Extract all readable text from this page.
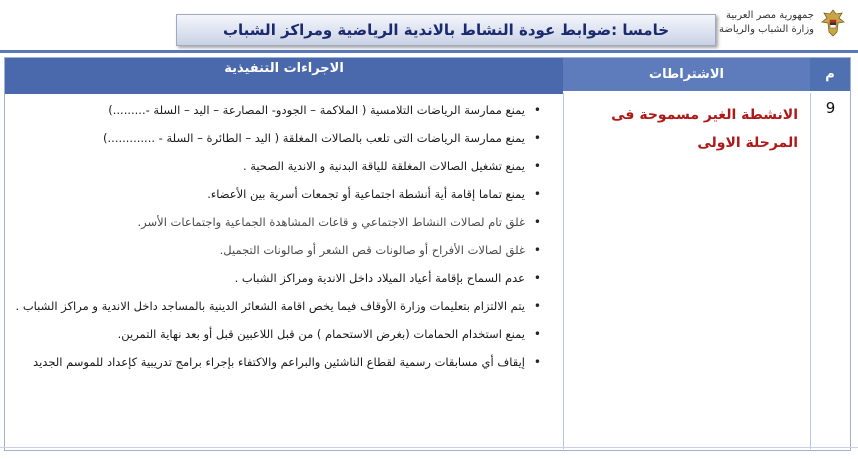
خامسا :ضوابط عودة النشاط بالاندية الرياضية ومراكز الشباب
جمهورية مصر العربية
وزارة الشباب والرياضة
م
الاشتراطات
الاجراءات التنفيذية
9
الانشطة الغير مسموحة فى المرحلة الاولى
•
يمنع ممارسة الرياضات التلامسية ( الملاكمة – الجودو- المصارعة – اليد – السلة -.........)
•
يمنع ممارسة الرياضات التى تلعب بالصالات المغلقة ( اليد – الطائرة – السلة - .............)
•
يمنع تشغيل الصالات المغلقة للياقة البدنية و الاندية الصحية .
•
يمنع تماما إقامة أية أنشطة اجتماعية أو تجمعات أسرية بين الأعضاء.
•
غلق تام لصالات النشاط الاجتماعي و قاعات المشاهدة الجماعية واجتماعات الأسر.
•
غلق لصالات الأفراح أو صالونات قص الشعر أو صالونات التجميل.
•
عدم السماح بإقامة أعياد الميلاد داخل الاندية ومراكز الشباب .
•
يتم الالتزام بتعليمات وزارة الأوقاف فيما يخص اقامة الشعائر الدينية بالمساجد داخل الاندية و مراكز الشباب .
•
يمنع استخدام الحمامات (بغرض الاستحمام ) من قبل اللاعبين قبل أو بعد نهاية التمرين.
•
إيقاف أي مسابقات رسمية لقطاع الناشئين والبراعم والاكتفاء بإجراء برامج تدريبية كإعداد للموسم الجديد
